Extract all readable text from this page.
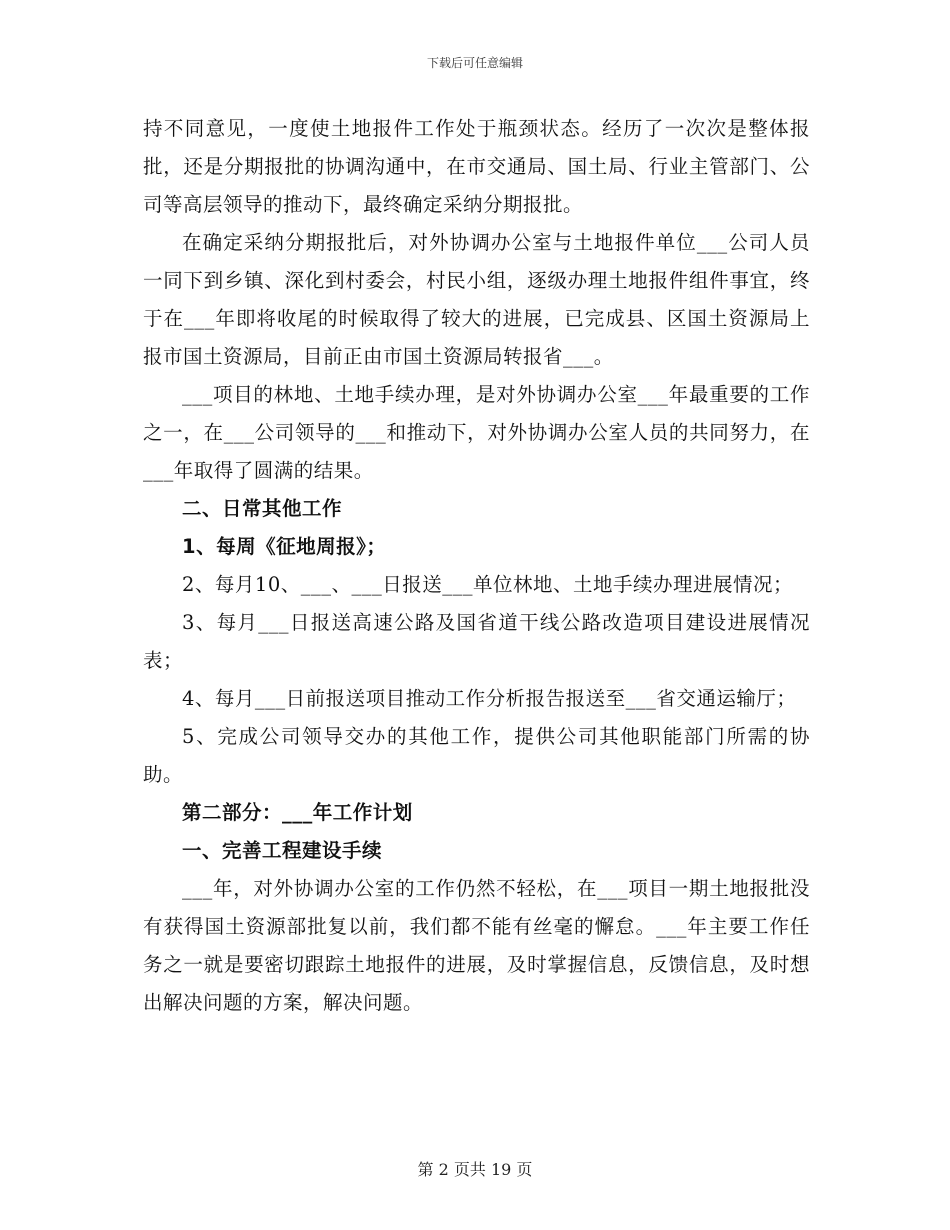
下载后可任意编辑

持不同意见，一度使土地报件工作处于瓶颈状态。经历了一次次是整体报批，还是分期报批的协调沟通中，在市交通局、国土局、行业主管部门、公司等高层领导的推动下，最终确定采纳分期报批。

在确定采纳分期报批后，对外协调办公室与土地报件单位___公司人员一同下到乡镇、深化到村委会，村民小组，逐级办理土地报件组件事宜，终于在___年即将收尾的时候取得了较大的进展，已完成县、区国土资源局上报市国土资源局，目前正由市国土资源局转报省___。

___项目的林地、土地手续办理，是对外协调办公室___年最重要的工作之一，在___公司领导的___和推动下，对外协调办公室人员的共同努力，在___年取得了圆满的结果。

二、日常其他工作

1、每周《征地周报》；

2、每月10、___、___日报送___单位林地、土地手续办理进展情况；

3、每月___日报送高速公路及国省道干线公路改造项目建设进展情况表；

4、每月___日前报送项目推动工作分析报告报送至___省交通运输厅；

5、完成公司领导交办的其他工作，提供公司其他职能部门所需的协助。

第二部分：___年工作计划

一、完善工程建设手续

___年，对外协调办公室的工作仍然不轻松，在___项目一期土地报批没有获得国土资源部批复以前，我们都不能有丝毫的懈怠。___年主要工作任务之一就是要密切跟踪土地报件的进展，及时掌握信息，反馈信息，及时想出解决问题的方案，解决问题。

第 2 页共 19 页
